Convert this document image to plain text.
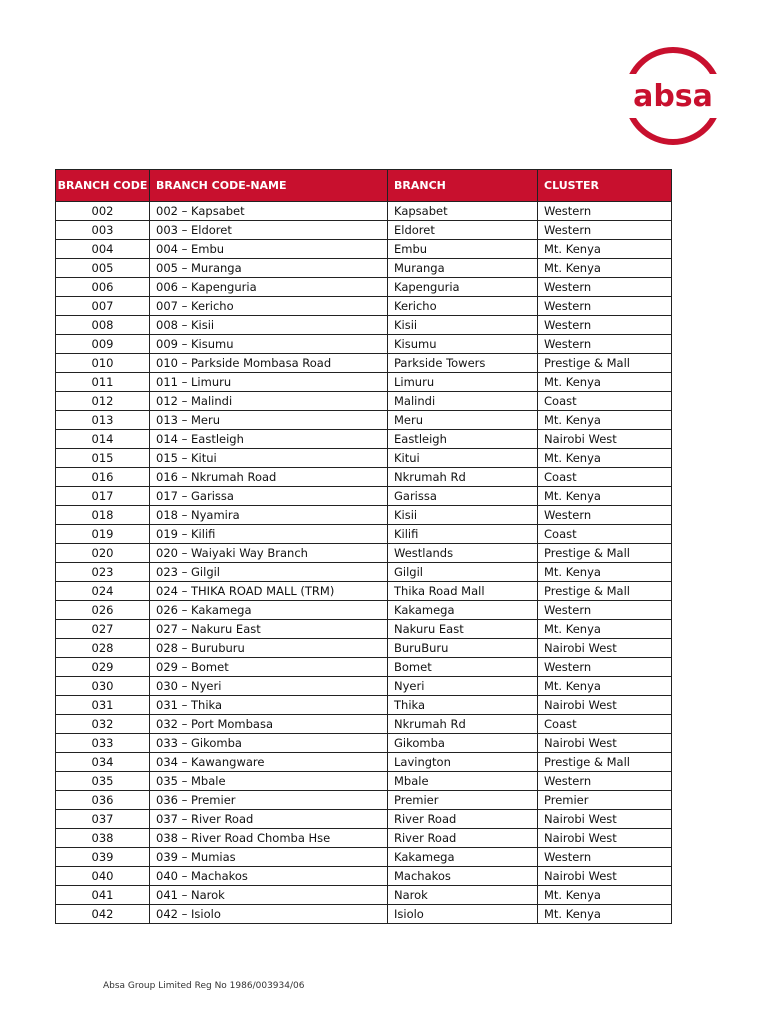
absa
BRANCH CODE	BRANCH CODE-NAME	BRANCH	CLUSTER
002	002 – Kapsabet	Kapsabet	Western
003	003 – Eldoret	Eldoret	Western
004	004 – Embu	Embu	Mt. Kenya
005	005 – Muranga	Muranga	Mt. Kenya
006	006 – Kapenguria	Kapenguria	Western
007	007 – Kericho	Kericho	Western
008	008 – Kisii	Kisii	Western
009	009 – Kisumu	Kisumu	Western
010	010 – Parkside Mombasa Road	Parkside Towers	Prestige & Mall
011	011 – Limuru	Limuru	Mt. Kenya
012	012 – Malindi	Malindi	Coast
013	013 – Meru	Meru	Mt. Kenya
014	014 – Eastleigh	Eastleigh	Nairobi West
015	015 – Kitui	Kitui	Mt. Kenya
016	016 – Nkrumah Road	Nkrumah Rd	Coast
017	017 – Garissa	Garissa	Mt. Kenya
018	018 – Nyamira	Kisii	Western
019	019 – Kilifi	Kilifi	Coast
020	020 – Waiyaki Way Branch	Westlands	Prestige & Mall
023	023 – Gilgil	Gilgil	Mt. Kenya
024	024 – THIKA ROAD MALL (TRM)	Thika Road Mall	Prestige & Mall
026	026 – Kakamega	Kakamega	Western
027	027 – Nakuru East	Nakuru East	Mt. Kenya
028	028 – Buruburu	BuruBuru	Nairobi West
029	029 – Bomet	Bomet	Western
030	030 – Nyeri	Nyeri	Mt. Kenya
031	031 – Thika	Thika	Nairobi West
032	032 – Port Mombasa	Nkrumah Rd	Coast
033	033 – Gikomba	Gikomba	Nairobi West
034	034 – Kawangware	Lavington	Prestige & Mall
035	035 – Mbale	Mbale	Western
036	036 – Premier	Premier	Premier
037	037 – River Road	River Road	Nairobi West
038	038 – River Road Chomba Hse	River Road	Nairobi West
039	039 – Mumias	Kakamega	Western
040	040 – Machakos	Machakos	Nairobi West
041	041 – Narok	Narok	Mt. Kenya
042	042 – Isiolo	Isiolo	Mt. Kenya
Absa Group Limited Reg No 1986/003934/06
